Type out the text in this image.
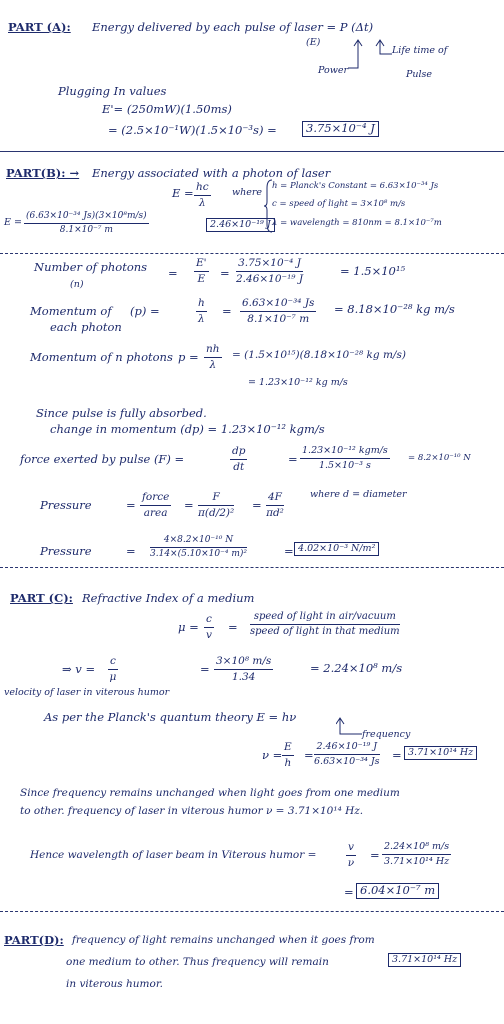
PART (A): Energy delivered by each pulse of laser = P (Δt)
(E)
Power
Life time of
Pulse
Plugging In values
E'= (250mW)(1.50ms)
= (2.5×10⁻¹W)(1.5×10⁻³s) =	3.75×10⁻⁴ J
PART(B): → Energy associated with a photon of laser
$E = \frac{hc}{\lambda}$ where
h = Planck's Constant = 6.63×10⁻³⁴ Js
c = speed of light = 3×10⁸ m/s
λ = wavelength = 810nm = 8.1×10⁻⁷m
$E = \frac{\text{(6.63×10⁻³⁴ Js)(3×10⁸m/s)}}{\text{8.1×10⁻⁷ m}}$	2.46×10⁻¹⁹ J
Number of photons
(n)
= $\frac{E'}{E} = \frac{\text{3.75×10⁻⁴ J}}{\text{2.46×10⁻¹⁹ J}}$	= 1.5×10¹⁵
Momentum of
each photon
(p) =	$\frac{h}{\lambda} = \frac{\text{6.63×10⁻³⁴ Js}}{\text{8.1×10⁻⁷ m}} = 8.18\times 10^{-28}$ kg m/s
Momentum of n photons $p = \frac{nh}{\lambda} = (1.5\times 10^{15})(8.18\times 10^{-28}$ kg m/s)
= 1.23×10⁻¹² kg m/s
Since pulse is fully absorbed.
change in momentum (dp) = 1.23×10⁻¹² kgm/s
force exerted by pulse (F) =	$\frac{dp}{dt}$	=
1.23×10⁻¹² kgm/s
1.5×10⁻³ s
= 8.2×10⁻¹⁰ N
Pressure	=
force
area
= $\frac{F}{\text{π(d/2)²}} = \frac{4F}{\text{πd²}}$	where d = diameter
Pressure	= $\frac{\text{4×8.2×10⁻¹⁰ N}}{\text{3.14×(5.10×10⁻⁴ m)²}}$	= 4.02×10⁻³ N/m²
PART (C): Refractive Index of a medium
$\mu = \frac{c}{v}$ =
speed of light in air/vacuum
speed of light in that medium
⇒ $v = \frac{c}{\mu}$	= $\frac{\text{3×10⁸ m/s}}{1.34}$	= 2.24×10⁸ m/s
velocity of laser in viterous humor
As per the Planck's quantum theory E = hν
frequency
$\nu = \frac{E}{h} = \frac{\text{2.46×10⁻¹⁹ J}}{\text{6.63×10⁻³⁴ Js}} = 3.71\times 10^{14}$ Hz
Since frequency remains unchanged when light goes from one medium
to other. frequency of laser in viterous humor ν = 3.71×10¹⁴ Hz.
Hence wavelength of laser beam in Viterous humor =	$\frac{v}{\nu} = \frac{\text{2.24×10⁸ m/s}}{\text{3.71×10¹⁴ Hz}}$
= 6.04×10⁻⁷ m
PART(D): frequency of light remains unchanged when it goes from
one medium to other. Thus frequency will remain	3.71×10¹⁴ Hz
in viterous humor.
